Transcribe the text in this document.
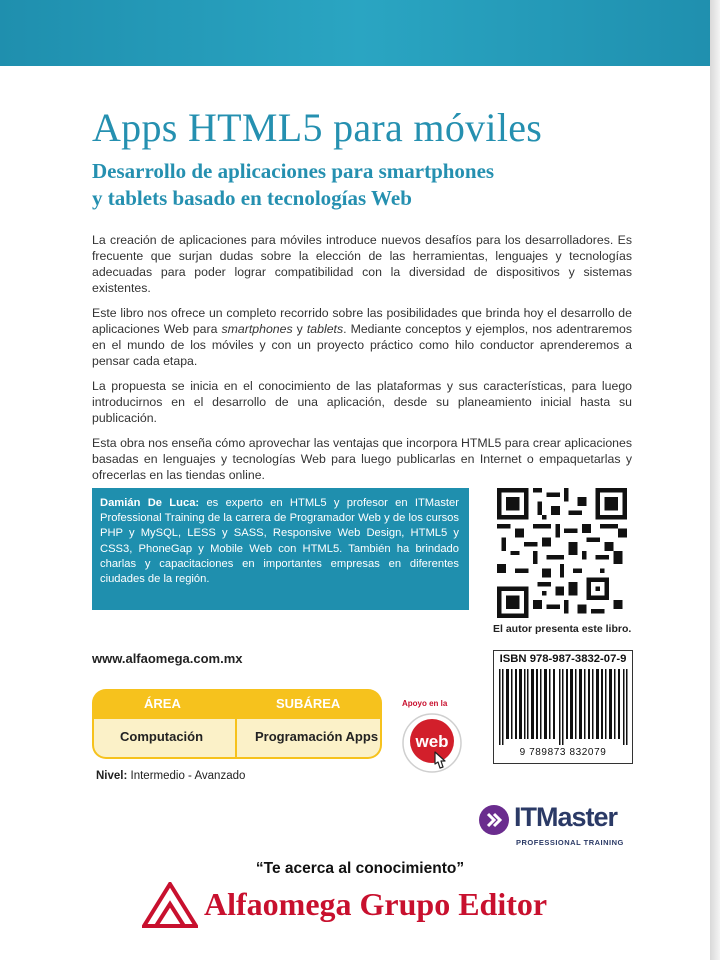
Apps HTML5 para móviles
Desarrollo de aplicaciones para smartphones
y tablets basado en tecnologías Web

La creación de aplicaciones para móviles introduce nuevos desafíos para los desarrolladores. Es frecuente que surjan dudas sobre la elección de las herramientas, lenguajes y tecnologías adecuadas para poder lograr compatibilidad con la diversidad de dispositivos y sistemas existentes.

Este libro nos ofrece un completo recorrido sobre las posibilidades que brinda hoy el desarrollo de aplicaciones Web para smartphones y tablets. Mediante conceptos y ejemplos, nos adentraremos en el mundo de los móviles y con un proyecto práctico como hilo conductor aprenderemos a pensar cada etapa.

La propuesta se inicia en el conocimiento de las plataformas y sus características, para luego introducirnos en el desarrollo de una aplicación, desde su planeamiento inicial hasta su publicación.

Esta obra nos enseña cómo aprovechar las ventajas que incorpora HTML5 para crear aplicaciones basadas en lenguajes y tecnologías Web para luego publicarlas en Internet o empaquetarlas y ofrecerlas en las tiendas online.

Damián De Luca: es experto en HTML5 y profesor en ITMaster Professional Training de la carrera de Programador Web y de los cursos PHP y MySQL, LESS y SASS, Responsive Web Design, HTML5 y CSS3, PhoneGap y Mobile Web con HTML5. También ha brindado charlas y capacitaciones en importantes empresas en diferentes ciudades de la región.
El autor presenta este libro.
www.alfaomega.com.mx	ISBN 978-987-3832-07-9
9 789873 832079
ÁREA	SUBÁREA
Computación	Programación Apps
Nivel: Intermedio - Avanzado
Apoyo en la
web
ITMaster
PROFESSIONAL TRAINING
“Te acerca al conocimiento”
Alfaomega Grupo Editor
